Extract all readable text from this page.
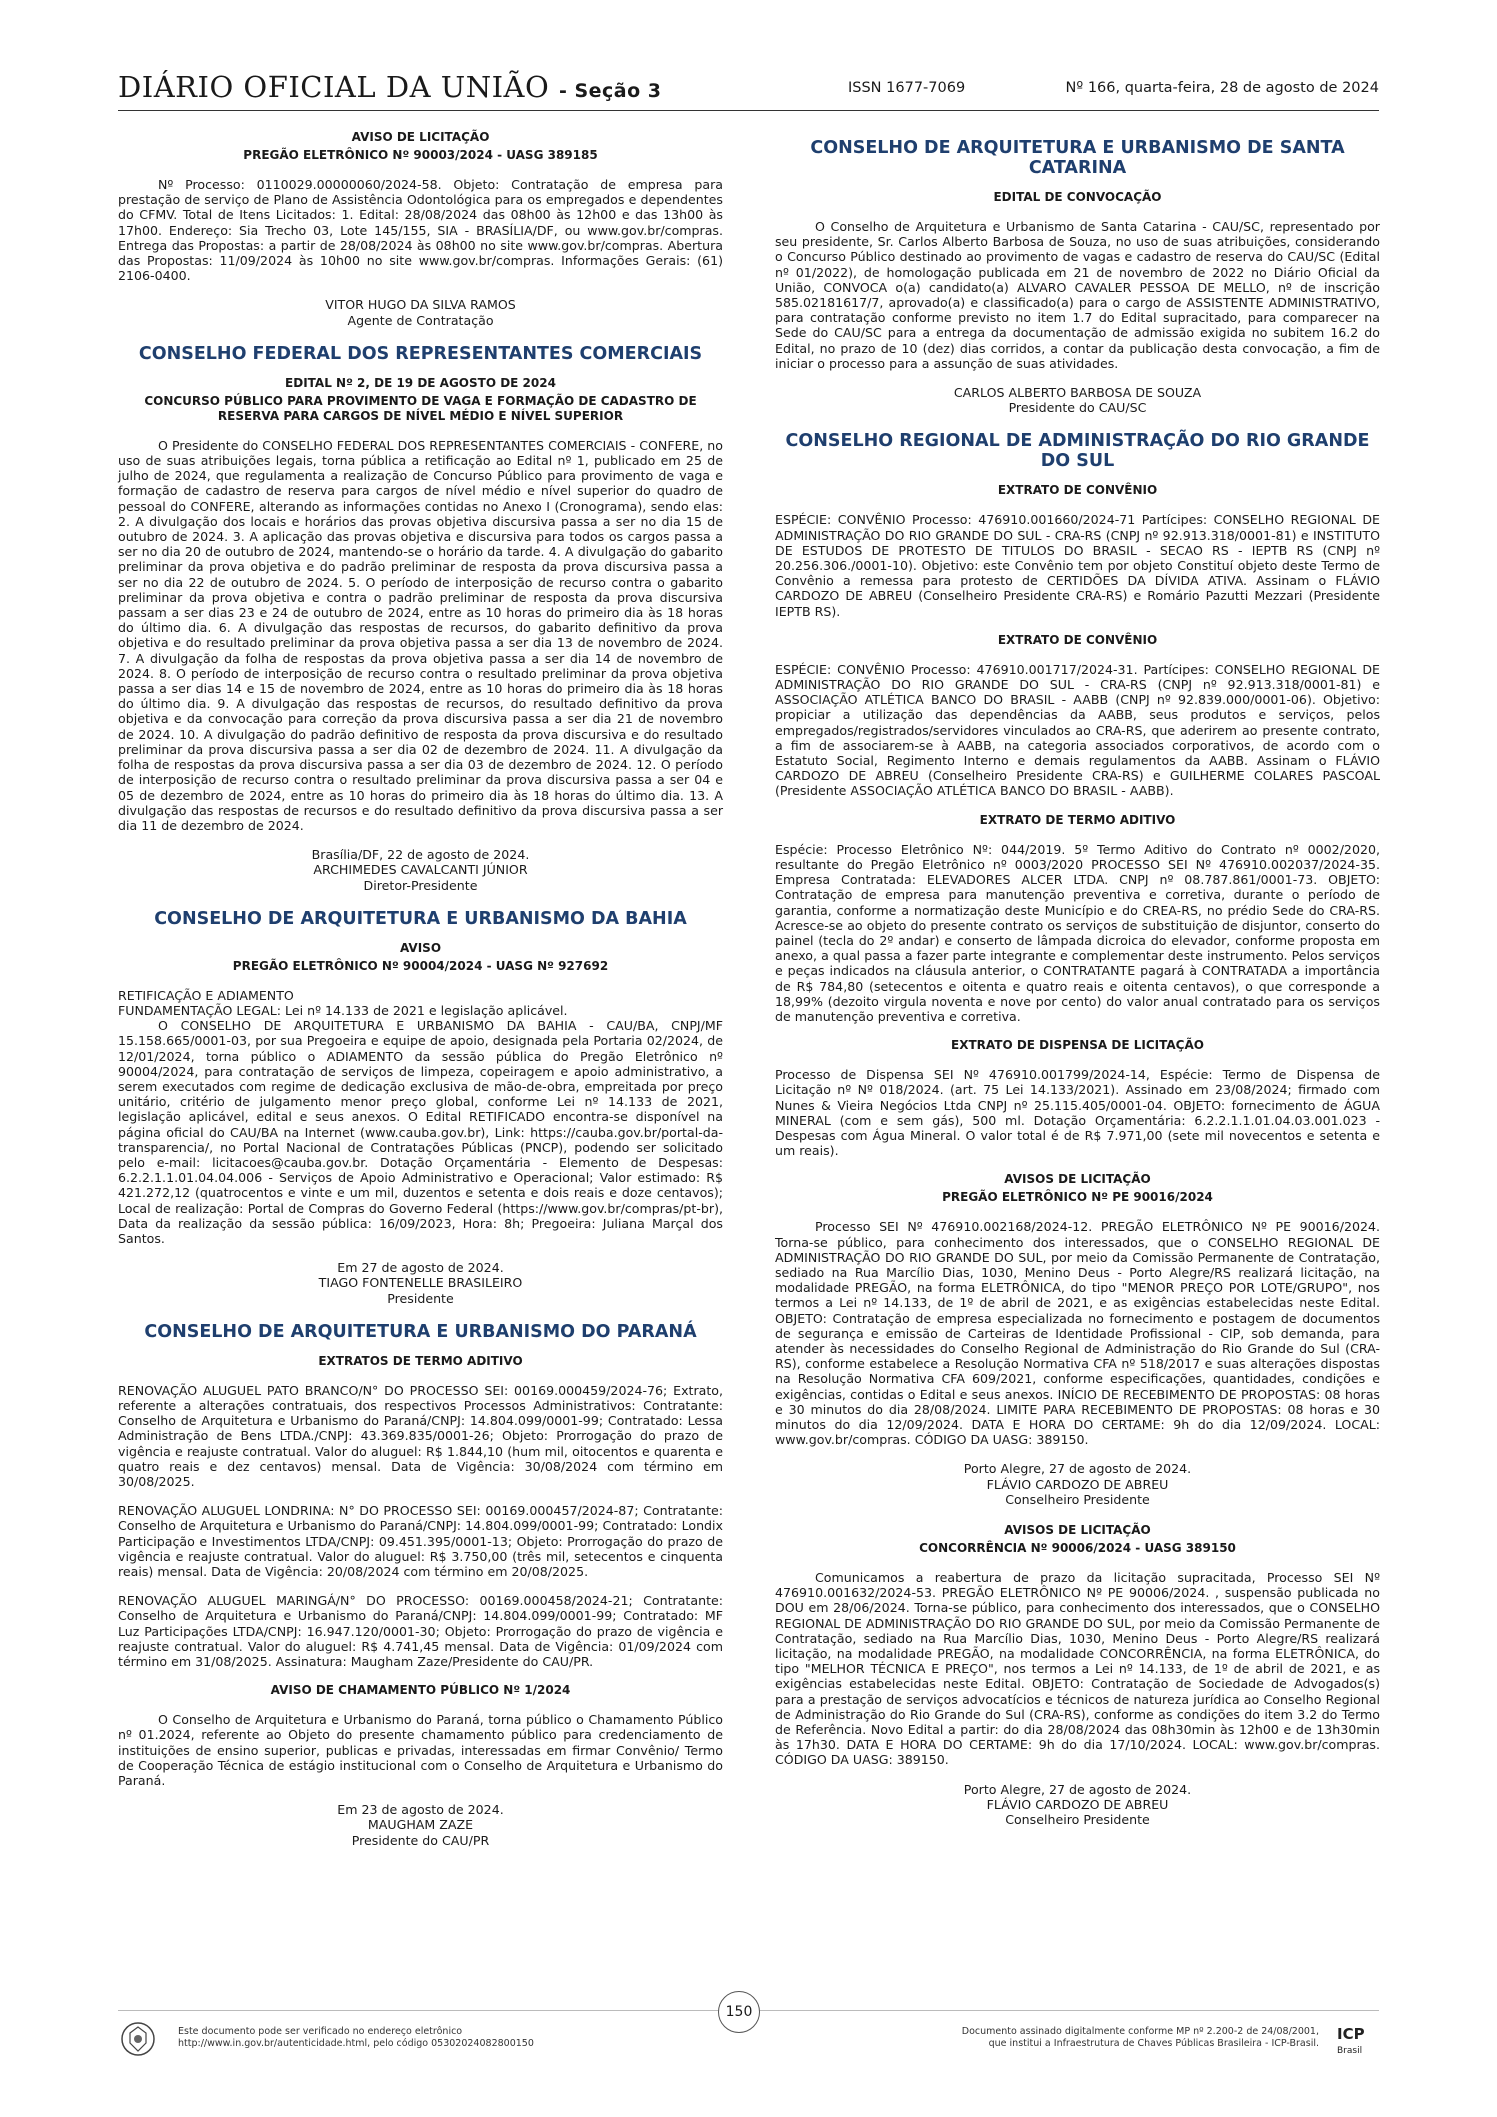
DIÁRIO OFICIAL DA UNIÃO - Seção 3	ISSN 1677-7069	Nº 166, quarta-feira, 28 de agosto de 2024
AVISO DE LICITAÇÃO
PREGÃO ELETRÔNICO Nº 90003/2024 - UASG 389185

Nº Processo: 0110029.00000060/2024-58. Objeto: Contratação de empresa para prestação de serviço de Plano de Assistência Odontológica para os empregados e dependentes do CFMV. Total de Itens Licitados: 1. Edital: 28/08/2024 das 08h00 às 12h00 e das 13h00 às 17h00. Endereço: Sia Trecho 03, Lote 145/155, SIA - BRASÍLIA/DF, ou www.gov.br/compras. Entrega das Propostas: a partir de 28/08/2024 às 08h00 no site www.gov.br/compras. Abertura das Propostas: 11/09/2024 às 10h00 no site www.gov.br/compras. Informações Gerais: (61) 2106-0400.

VITOR HUGO DA SILVA RAMOS
Agente de Contratação
CONSELHO FEDERAL DOS REPRESENTANTES COMERCIAIS
EDITAL Nº 2, DE 19 DE AGOSTO DE 2024
CONCURSO PÚBLICO PARA PROVIMENTO DE VAGA E FORMAÇÃO DE CADASTRO DE RESERVA PARA CARGOS DE NÍVEL MÉDIO E NÍVEL SUPERIOR

O Presidente do CONSELHO FEDERAL DOS REPRESENTANTES COMERCIAIS - CONFERE, no uso de suas atribuições legais, torna pública a retificação ao Edital nº 1, publicado em 25 de julho de 2024, que regulamenta a realização de Concurso Público para provimento de vaga e formação de cadastro de reserva para cargos de nível médio e nível superior do quadro de pessoal do CONFERE, alterando as informações contidas no Anexo I (Cronograma), sendo elas: 2. A divulgação dos locais e horários das provas objetiva discursiva passa a ser no dia 15 de outubro de 2024. 3. A aplicação das provas objetiva e discursiva para todos os cargos passa a ser no dia 20 de outubro de 2024, mantendo-se o horário da tarde. 4. A divulgação do gabarito preliminar da prova objetiva e do padrão preliminar de resposta da prova discursiva passa a ser no dia 22 de outubro de 2024. 5. O período de interposição de recurso contra o gabarito preliminar da prova objetiva e contra o padrão preliminar de resposta da prova discursiva passam a ser dias 23 e 24 de outubro de 2024, entre as 10 horas do primeiro dia às 18 horas do último dia. 6. A divulgação das respostas de recursos, do gabarito definitivo da prova objetiva e do resultado preliminar da prova objetiva passa a ser dia 13 de novembro de 2024. 7. A divulgação da folha de respostas da prova objetiva passa a ser dia 14 de novembro de 2024. 8. O período de interposição de recurso contra o resultado preliminar da prova objetiva passa a ser dias 14 e 15 de novembro de 2024, entre as 10 horas do primeiro dia às 18 horas do último dia. 9. A divulgação das respostas de recursos, do resultado definitivo da prova objetiva e da convocação para correção da prova discursiva passa a ser dia 21 de novembro de 2024. 10. A divulgação do padrão definitivo de resposta da prova discursiva e do resultado preliminar da prova discursiva passa a ser dia 02 de dezembro de 2024. 11. A divulgação da folha de respostas da prova discursiva passa a ser dia 03 de dezembro de 2024. 12. O período de interposição de recurso contra o resultado preliminar da prova discursiva passa a ser 04 e 05 de dezembro de 2024, entre as 10 horas do primeiro dia às 18 horas do último dia. 13. A divulgação das respostas de recursos e do resultado definitivo da prova discursiva passa a ser dia 11 de dezembro de 2024.

Brasília/DF, 22 de agosto de 2024.
ARCHIMEDES CAVALCANTI JÚNIOR
Diretor-Presidente
CONSELHO DE ARQUITETURA E URBANISMO DA BAHIA
AVISO
PREGÃO ELETRÔNICO Nº 90004/2024 - UASG Nº 927692
RETIFICAÇÃO E ADIAMENTO
FUNDAMENTAÇÃO LEGAL: Lei nº 14.133 de 2021 e legislação aplicável.

O CONSELHO DE ARQUITETURA E URBANISMO DA BAHIA - CAU/BA, CNPJ/MF 15.158.665/0001-03, por sua Pregoeira e equipe de apoio, designada pela Portaria 02/2024, de 12/01/2024, torna público o ADIAMENTO da sessão pública do Pregão Eletrônico nº 90004/2024, para contratação de serviços de limpeza, copeiragem e apoio administrativo, a serem executados com regime de dedicação exclusiva de mão-de-obra, empreitada por preço unitário, critério de julgamento menor preço global, conforme Lei nº 14.133 de 2021, legislação aplicável, edital e seus anexos. O Edital RETIFICADO encontra-se disponível na página oficial do CAU/BA na Internet (www.cauba.gov.br), Link: https://cauba.gov.br/portal-da-transparencia/, no Portal Nacional de Contratações Públicas (PNCP), podendo ser solicitado pelo e-mail: licitacoes@cauba.gov.br. Dotação Orçamentária - Elemento de Despesas: 6.2.2.1.1.01.04.04.006 - Serviços de Apoio Administrativo e Operacional; Valor estimado: R$ 421.272,12 (quatrocentos e vinte e um mil, duzentos e setenta e dois reais e doze centavos); Local de realização: Portal de Compras do Governo Federal (https://www.gov.br/compras/pt-br), Data da realização da sessão pública: 16/09/2023, Hora: 8h; Pregoeira: Juliana Marçal dos Santos.

Em 27 de agosto de 2024.
TIAGO FONTENELLE BRASILEIRO
Presidente
CONSELHO DE ARQUITETURA E URBANISMO DO PARANÁ
EXTRATOS DE TERMO ADITIVO

RENOVAÇÃO ALUGUEL PATO BRANCO/N° DO PROCESSO SEI: 00169.000459/2024-76; Extrato, referente a alterações contratuais, dos respectivos Processos Administrativos: Contratante: Conselho de Arquitetura e Urbanismo do Paraná/CNPJ: 14.804.099/0001-99; Contratado: Lessa Administração de Bens LTDA./CNPJ: 43.369.835/0001-26; Objeto: Prorrogação do prazo de vigência e reajuste contratual. Valor do aluguel: R$ 1.844,10 (hum mil, oitocentos e quarenta e quatro reais e dez centavos) mensal. Data de Vigência: 30/08/2024 com término em 30/08/2025.

RENOVAÇÃO ALUGUEL LONDRINA: N° DO PROCESSO SEI: 00169.000457/2024-87; Contratante: Conselho de Arquitetura e Urbanismo do Paraná/CNPJ: 14.804.099/0001-99; Contratado: Londix Participação e Investimentos LTDA/CNPJ: 09.451.395/0001-13; Objeto: Prorrogação do prazo de vigência e reajuste contratual. Valor do aluguel: R$ 3.750,00 (três mil, setecentos e cinquenta reais) mensal. Data de Vigência: 20/08/2024 com término em 20/08/2025.

RENOVAÇÃO ALUGUEL MARINGÁ/N° DO PROCESSO: 00169.000458/2024-21; Contratante: Conselho de Arquitetura e Urbanismo do Paraná/CNPJ: 14.804.099/0001-99; Contratado: MF Luz Participações LTDA/CNPJ: 16.947.120/0001-30; Objeto: Prorrogação do prazo de vigência e reajuste contratual. Valor do aluguel: R$ 4.741,45 mensal. Data de Vigência: 01/09/2024 com término em 31/08/2025. Assinatura: Maugham Zaze/Presidente do CAU/PR.

AVISO DE CHAMAMENTO PÚBLICO Nº 1/2024

O Conselho de Arquitetura e Urbanismo do Paraná, torna público o Chamamento Público nº 01.2024, referente ao Objeto do presente chamamento público para credenciamento de instituições de ensino superior, publicas e privadas, interessadas em firmar Convênio/ Termo de Cooperação Técnica de estágio institucional com o Conselho de Arquitetura e Urbanismo do Paraná.

Em 23 de agosto de 2024.
MAUGHAM ZAZE
Presidente do CAU/PR
CONSELHO DE ARQUITETURA E URBANISMO DE SANTA CATARINA
EDITAL DE CONVOCAÇÃO

O Conselho de Arquitetura e Urbanismo de Santa Catarina - CAU/SC, representado por seu presidente, Sr. Carlos Alberto Barbosa de Souza, no uso de suas atribuições, considerando o Concurso Público destinado ao provimento de vagas e cadastro de reserva do CAU/SC (Edital nº 01/2022), de homologação publicada em 21 de novembro de 2022 no Diário Oficial da União, CONVOCA o(a) candidato(a) ALVARO CAVALER PESSOA DE MELLO, nº de inscrição 585.02181617/7, aprovado(a) e classificado(a) para o cargo de ASSISTENTE ADMINISTRATIVO, para contratação conforme previsto no item 1.7 do Edital supracitado, para comparecer na Sede do CAU/SC para a entrega da documentação de admissão exigida no subitem 16.2 do Edital, no prazo de 10 (dez) dias corridos, a contar da publicação desta convocação, a fim de iniciar o processo para a assunção de suas atividades.

CARLOS ALBERTO BARBOSA DE SOUZA
Presidente do CAU/SC
CONSELHO REGIONAL DE ADMINISTRAÇÃO DO RIO GRANDE DO SUL
EXTRATO DE CONVÊNIO

ESPÉCIE: CONVÊNIO Processo: 476910.001660/2024-71 Partícipes: CONSELHO REGIONAL DE ADMINISTRAÇÃO DO RIO GRANDE DO SUL - CRA-RS (CNPJ nº 92.913.318/0001-81) e INSTITUTO DE ESTUDOS DE PROTESTO DE TITULOS DO BRASIL - SECAO RS - IEPTB RS (CNPJ nº 20.256.306./0001-10). Objetivo: este Convênio tem por objeto Constituí objeto deste Termo de Convênio a remessa para protesto de CERTIDÕES DA DÍVIDA ATIVA. Assinam o FLÁVIO CARDOZO DE ABREU (Conselheiro Presidente CRA-RS) e Romário Pazutti Mezzari (Presidente IEPTB RS).

EXTRATO DE CONVÊNIO

ESPÉCIE: CONVÊNIO Processo: 476910.001717/2024-31. Partícipes: CONSELHO REGIONAL DE ADMINISTRAÇÃO DO RIO GRANDE DO SUL - CRA-RS (CNPJ nº 92.913.318/0001-81) e ASSOCIAÇÃO ATLÉTICA BANCO DO BRASIL - AABB (CNPJ nº 92.839.000/0001-06). Objetivo: propiciar a utilização das dependências da AABB, seus produtos e serviços, pelos empregados/registrados/servidores vinculados ao CRA-RS, que aderirem ao presente contrato, a fim de associarem-se à AABB, na categoria associados corporativos, de acordo com o Estatuto Social, Regimento Interno e demais regulamentos da AABB. Assinam o FLÁVIO CARDOZO DE ABREU (Conselheiro Presidente CRA-RS) e GUILHERME COLARES PASCOAL (Presidente ASSOCIAÇÃO ATLÉTICA BANCO DO BRASIL - AABB).

EXTRATO DE TERMO ADITIVO

Espécie: Processo Eletrônico Nº: 044/2019. 5º Termo Aditivo do Contrato nº 0002/2020, resultante do Pregão Eletrônico nº 0003/2020 PROCESSO SEI Nº 476910.002037/2024-35. Empresa Contratada: ELEVADORES ALCER LTDA. CNPJ nº 08.787.861/0001-73. OBJETO: Contratação de empresa para manutenção preventiva e corretiva, durante o período de garantia, conforme a normatização deste Município e do CREA-RS, no prédio Sede do CRA-RS. Acresce-se ao objeto do presente contrato os serviços de substituição de disjuntor, conserto do painel (tecla do 2º andar) e conserto de lâmpada dicroica do elevador, conforme proposta em anexo, a qual passa a fazer parte integrante e complementar deste instrumento. Pelos serviços e peças indicados na cláusula anterior, o CONTRATANTE pagará à CONTRATADA a importância de R$ 784,80 (setecentos e oitenta e quatro reais e oitenta centavos), o que corresponde a 18,99% (dezoito virgula noventa e nove por cento) do valor anual contratado para os serviços de manutenção preventiva e corretiva.

EXTRATO DE DISPENSA DE LICITAÇÃO

Processo de Dispensa SEI Nº 476910.001799/2024-14, Espécie: Termo de Dispensa de Licitação nº Nº 018/2024. (art. 75 Lei 14.133/2021). Assinado em 23/08/2024; firmado com Nunes & Vieira Negócios Ltda CNPJ nº 25.115.405/0001-04. OBJETO: fornecimento de ÁGUA MINERAL (com e sem gás), 500 ml. Dotação Orçamentária: 6.2.2.1.1.01.04.03.001.023 - Despesas com Água Mineral. O valor total é de R$ 7.971,00 (sete mil novecentos e setenta e um reais).

AVISOS DE LICITAÇÃO
PREGÃO ELETRÔNICO Nº PE 90016/2024

Processo SEI Nº 476910.002168/2024-12. PREGÃO ELETRÔNICO Nº PE 90016/2024. Torna-se público, para conhecimento dos interessados, que o CONSELHO REGIONAL DE ADMINISTRAÇÃO DO RIO GRANDE DO SUL, por meio da Comissão Permanente de Contratação, sediado na Rua Marcílio Dias, 1030, Menino Deus - Porto Alegre/RS realizará licitação, na modalidade PREGÃO, na forma ELETRÔNICA, do tipo "MENOR PREÇO POR LOTE/GRUPO", nos termos a Lei nº 14.133, de 1º de abril de 2021, e as exigências estabelecidas neste Edital. OBJETO: Contratação de empresa especializada no fornecimento e postagem de documentos de segurança e emissão de Carteiras de Identidade Profissional - CIP, sob demanda, para atender às necessidades do Conselho Regional de Administração do Rio Grande do Sul (CRA-RS), conforme estabelece a Resolução Normativa CFA nº 518/2017 e suas alterações dispostas na Resolução Normativa CFA 609/2021, conforme especificações, quantidades, condições e exigências, contidas o Edital e seus anexos. INÍCIO DE RECEBIMENTO DE PROPOSTAS: 08 horas e 30 minutos do dia 28/08/2024. LIMITE PARA RECEBIMENTO DE PROPOSTAS: 08 horas e 30 minutos do dia 12/09/2024. DATA E HORA DO CERTAME: 9h do dia 12/09/2024. LOCAL: www.gov.br/compras. CÓDIGO DA UASG: 389150.

Porto Alegre, 27 de agosto de 2024.
FLÁVIO CARDOZO DE ABREU
Conselheiro Presidente
AVISOS DE LICITAÇÃO
CONCORRÊNCIA Nº 90006/2024 - UASG 389150

Comunicamos a reabertura de prazo da licitação supracitada, Processo SEI Nº 476910.001632/2024-53. PREGÃO ELETRÔNICO Nº PE 90006/2024. , suspensão publicada no DOU em 28/06/2024. Torna-se público, para conhecimento dos interessados, que o CONSELHO REGIONAL DE ADMINISTRAÇÃO DO RIO GRANDE DO SUL, por meio da Comissão Permanente de Contratação, sediado na Rua Marcílio Dias, 1030, Menino Deus - Porto Alegre/RS realizará licitação, na modalidade PREGÃO, na modalidade CONCORRÊNCIA, na forma ELETRÔNICA, do tipo "MELHOR TÉCNICA E PREÇO", nos termos a Lei nº 14.133, de 1º de abril de 2021, e as exigências estabelecidas neste Edital. OBJETO: Contratação de Sociedade de Advogados(s) para a prestação de serviços advocatícios e técnicos de natureza jurídica ao Conselho Regional de Administração do Rio Grande do Sul (CRA-RS), conforme as condições do item 3.2 do Termo de Referência. Novo Edital a partir: do dia 28/08/2024 das 08h30min às 12h00 e de 13h30min às 17h30. DATA E HORA DO CERTAME: 9h do dia 17/10/2024. LOCAL: www.gov.br/compras. CÓDIGO DA UASG: 389150.

Porto Alegre, 27 de agosto de 2024.
FLÁVIO CARDOZO DE ABREU
Conselheiro Presidente
Este documento pode ser verificado no endereço eletrônico
http://www.in.gov.br/autenticidade.html, pelo código 05302024082800150
150
Documento assinado digitalmente conforme MP nº 2.200-2 de 24/08/2001,
que institui a Infraestrutura de Chaves Públicas Brasileira - ICP-Brasil.
ICP
Brasil
